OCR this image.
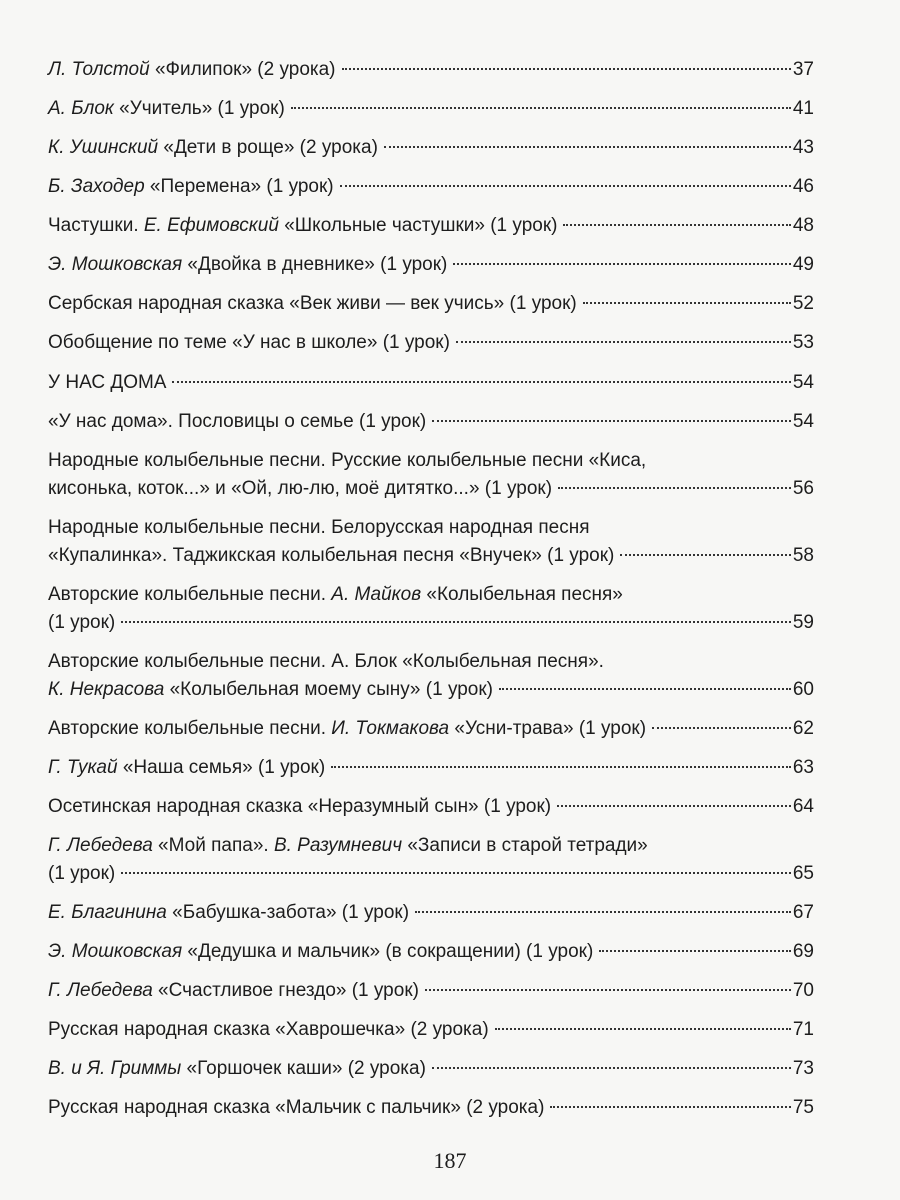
Л. Толстой «Филипок» (2 урока)	37
А. Блок «Учитель» (1 урок)	41
К. Ушинский «Дети в роще» (2 урока)	43
Б. Заходер «Перемена» (1 урок)	46
Частушки. Е. Ефимовский «Школьные частушки» (1 урок)	48
Э. Мошковская «Двойка в дневнике» (1 урок)	49
Сербская народная сказка «Век живи — век учись» (1 урок)	52
Обобщение по теме «У нас в школе» (1 урок)	53
У НАС ДОМА	54
«У нас дома». Пословицы о семье (1 урок)	54
Народные колыбельные песни. Русские колыбельные песни «Киса,
кисонька, коток...» и «Ой, лю-лю, моё дитятко...» (1 урок)	56
Народные колыбельные песни. Белорусская народная песня
«Купалинка». Таджикская колыбельная песня «Внучек» (1 урок)	58
Авторские колыбельные песни. А. Майков «Колыбельная песня»
(1 урок)	59
Авторские колыбельные песни. А. Блок «Колыбельная песня».
К. Некрасова «Колыбельная моему сыну» (1 урок)	60
Авторские колыбельные песни. И. Токмакова «Усни-трава» (1 урок)	62
Г. Тукай «Наша семья» (1 урок)	63
Осетинская народная сказка «Неразумный сын» (1 урок)	64
Г. Лебедева «Мой папа». В. Разумневич «Записи в старой тетради»
(1 урок)	65
Е. Благинина «Бабушка-забота» (1 урок)	67
Э. Мошковская «Дедушка и мальчик» (в сокращении) (1 урок)	69
Г. Лебедева «Счастливое гнездо» (1 урок)	70
Русская народная сказка «Хаврошечка» (2 урока)	71
В. и Я. Гриммы «Горшочек каши» (2 урока)	73
Русская народная сказка «Мальчик с пальчик» (2 урока)	75
187
